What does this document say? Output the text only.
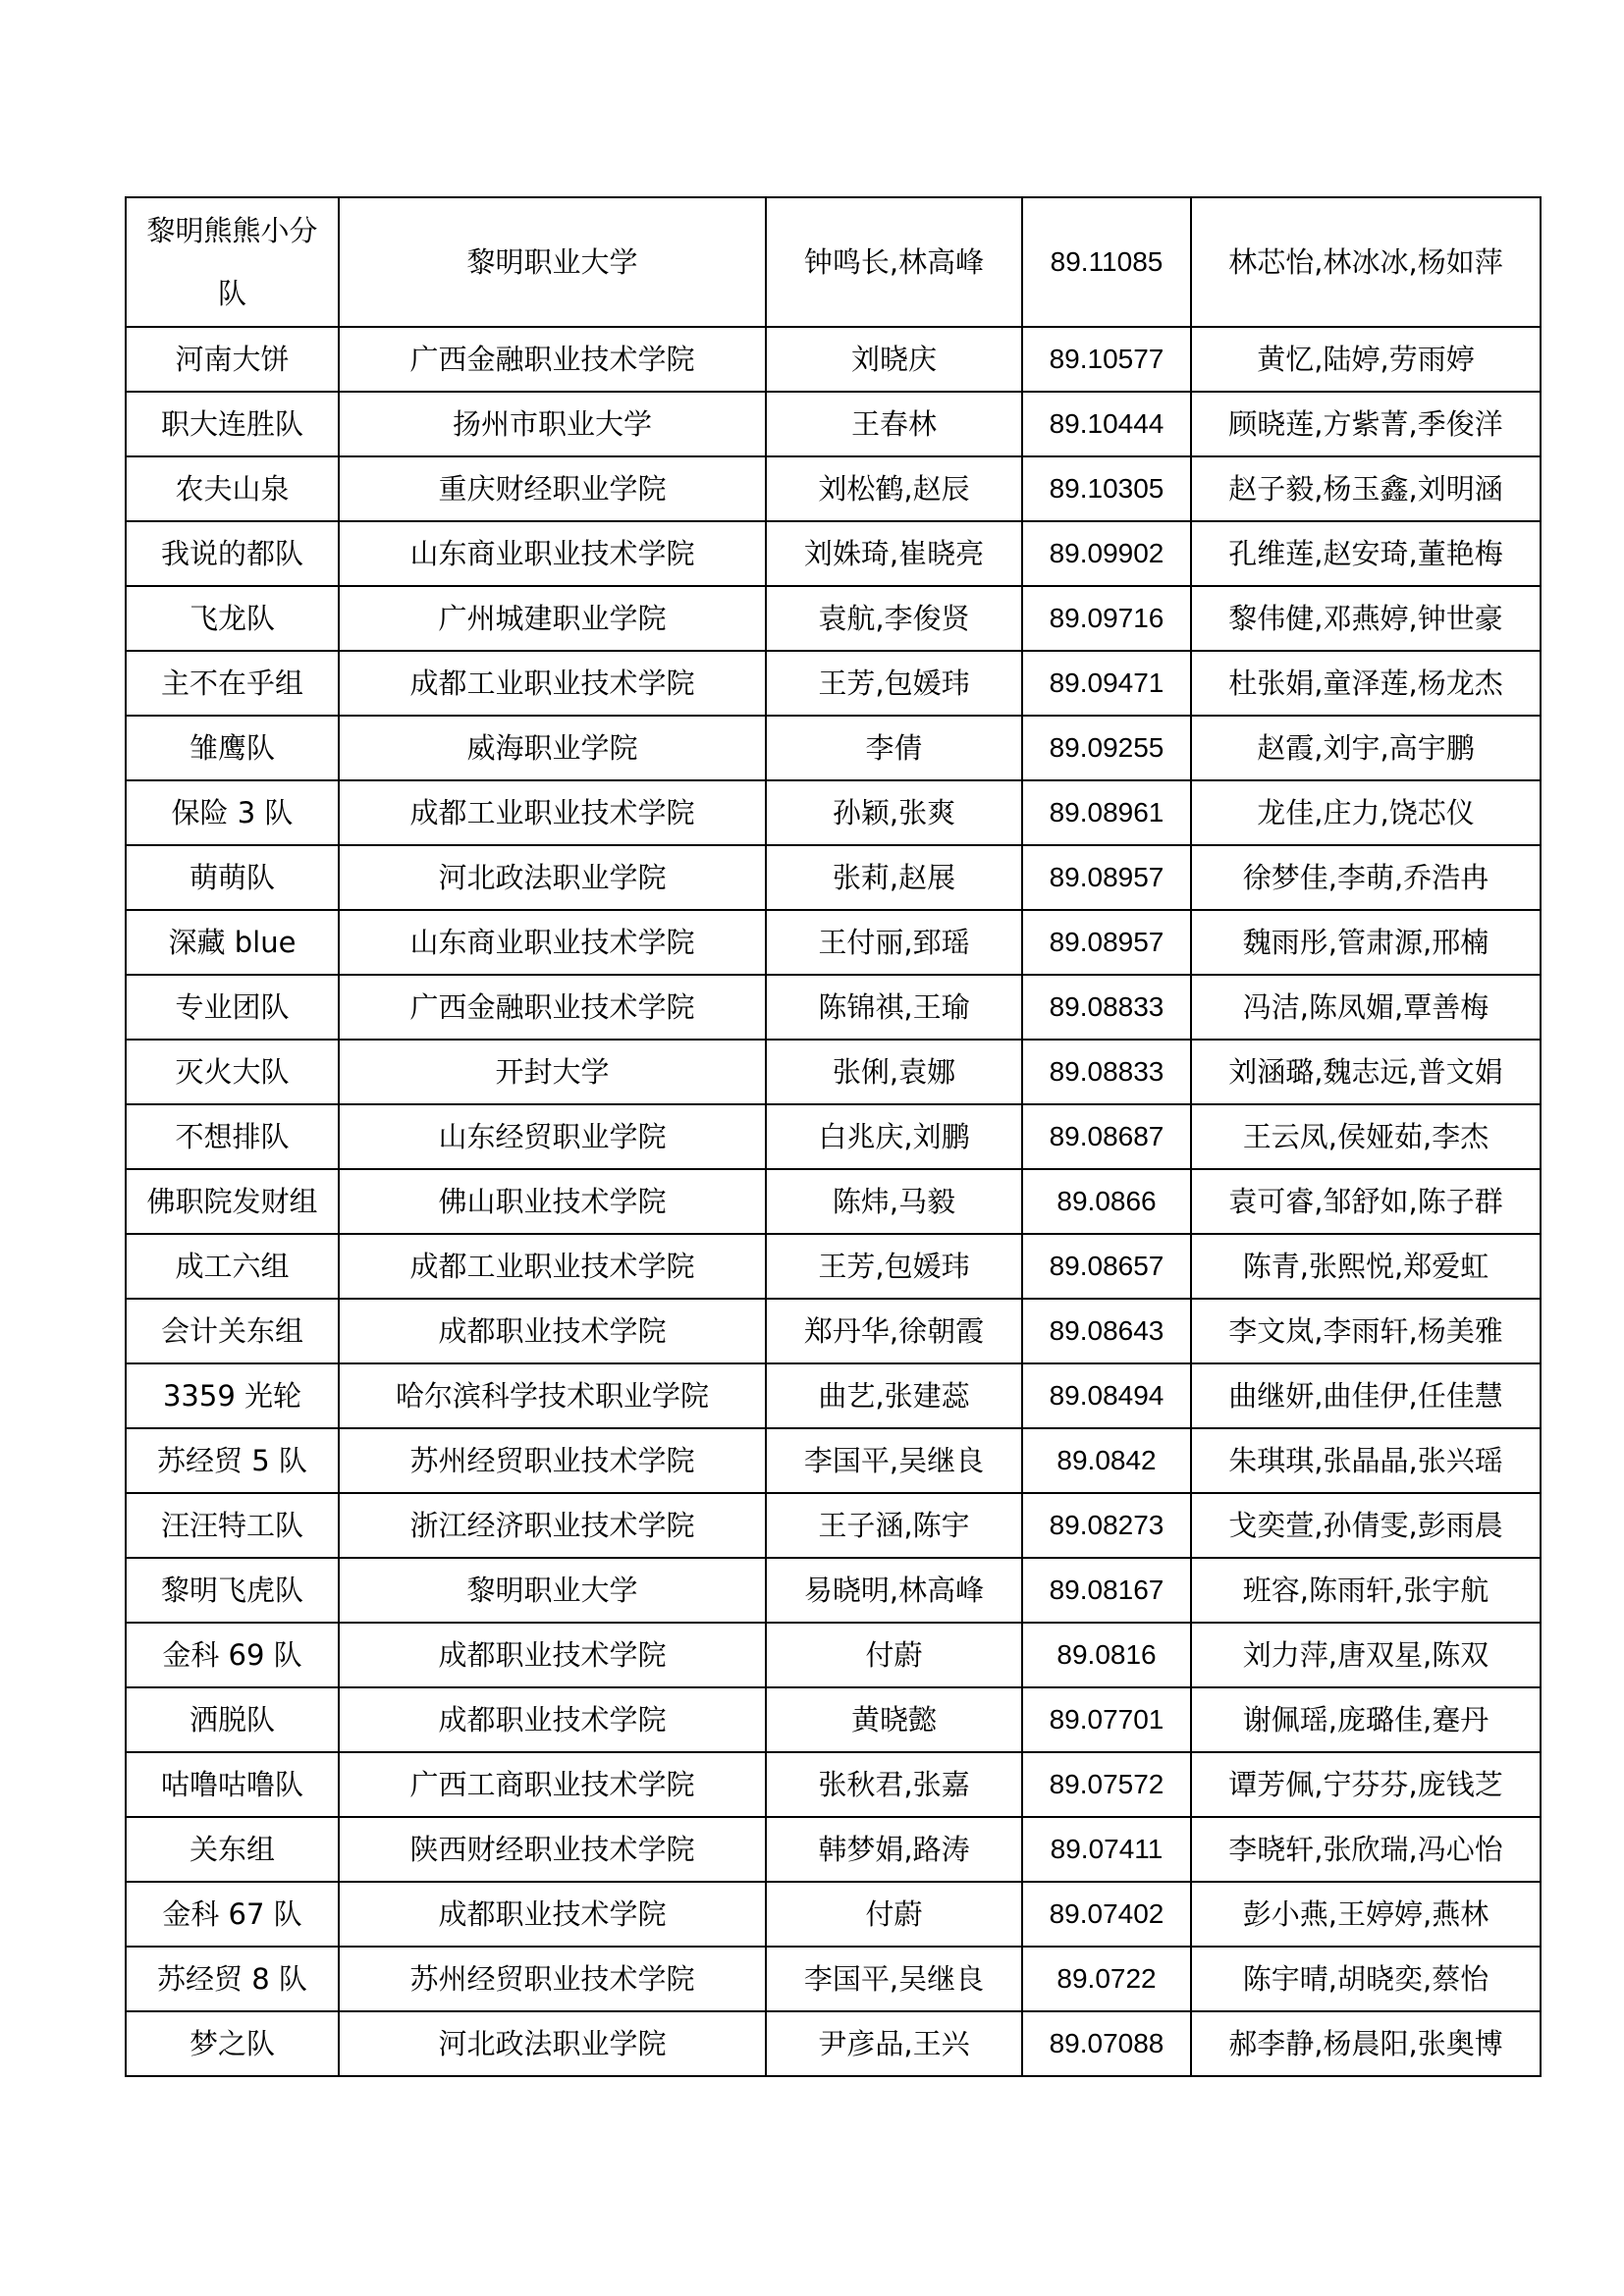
黎明熊熊小分队	黎明职业大学	钟鸣长,林高峰	89.11085	林芯怡,林冰冰,杨如萍
河南大饼	广西金融职业技术学院	刘晓庆	89.10577	黄忆,陆婷,劳雨婷
职大连胜队	扬州市职业大学	王春林	89.10444	顾晓莲,方紫菁,季俊洋
农夫山泉	重庆财经职业学院	刘松鹤,赵辰	89.10305	赵子毅,杨玉鑫,刘明涵
我说的都队	山东商业职业技术学院	刘姝琦,崔晓亮	89.09902	孔维莲,赵安琦,董艳梅
飞龙队	广州城建职业学院	袁航,李俊贤	89.09716	黎伟健,邓燕婷,钟世豪
主不在乎组	成都工业职业技术学院	王芳,包媛玮	89.09471	杜张娟,童泽莲,杨龙杰
雏鹰队	威海职业学院	李倩	89.09255	赵霞,刘宇,高宇鹏
保险 3 队	成都工业职业技术学院	孙颖,张爽	89.08961	龙佳,庄力,饶芯仪
萌萌队	河北政法职业学院	张莉,赵展	89.08957	徐梦佳,李萌,乔浩冉
深藏 blue	山东商业职业技术学院	王付丽,郅瑶	89.08957	魏雨彤,管肃源,邢楠
专业团队	广西金融职业技术学院	陈锦祺,王瑜	89.08833	冯洁,陈凤媚,覃善梅
灭火大队	开封大学	张俐,袁娜	89.08833	刘涵璐,魏志远,普文娟
不想排队	山东经贸职业学院	白兆庆,刘鹏	89.08687	王云凤,侯娅茹,李杰
佛职院发财组	佛山职业技术学院	陈炜,马毅	89.0866	袁可睿,邹舒如,陈子群
成工六组	成都工业职业技术学院	王芳,包媛玮	89.08657	陈青,张熙悦,郑爱虹
会计关东组	成都职业技术学院	郑丹华,徐朝霞	89.08643	李文岚,李雨轩,杨美雅
3359 光轮	哈尔滨科学技术职业学院	曲艺,张建蕊	89.08494	曲继妍,曲佳伊,任佳慧
苏经贸 5 队	苏州经贸职业技术学院	李国平,吴继良	89.0842	朱琪琪,张晶晶,张兴瑶
汪汪特工队	浙江经济职业技术学院	王子涵,陈宇	89.08273	戈奕萱,孙倩雯,彭雨晨
黎明飞虎队	黎明职业大学	易晓明,林高峰	89.08167	班容,陈雨轩,张宇航
金科 69 队	成都职业技术学院	付蔚	89.0816	刘力萍,唐双星,陈双
洒脱队	成都职业技术学院	黄晓懿	89.07701	谢佩瑶,庞璐佳,蹇丹
咕噜咕噜队	广西工商职业技术学院	张秋君,张嘉	89.07572	谭芳佩,宁芬芬,庞钱芝
关东组	陕西财经职业技术学院	韩梦娟,路涛	89.07411	李晓轩,张欣瑞,冯心怡
金科 67 队	成都职业技术学院	付蔚	89.07402	彭小燕,王婷婷,燕林
苏经贸 8 队	苏州经贸职业技术学院	李国平,吴继良	89.0722	陈宇晴,胡晓奕,蔡怡
梦之队	河北政法职业学院	尹彦品,王兴	89.07088	郝李静,杨晨阳,张奥博
